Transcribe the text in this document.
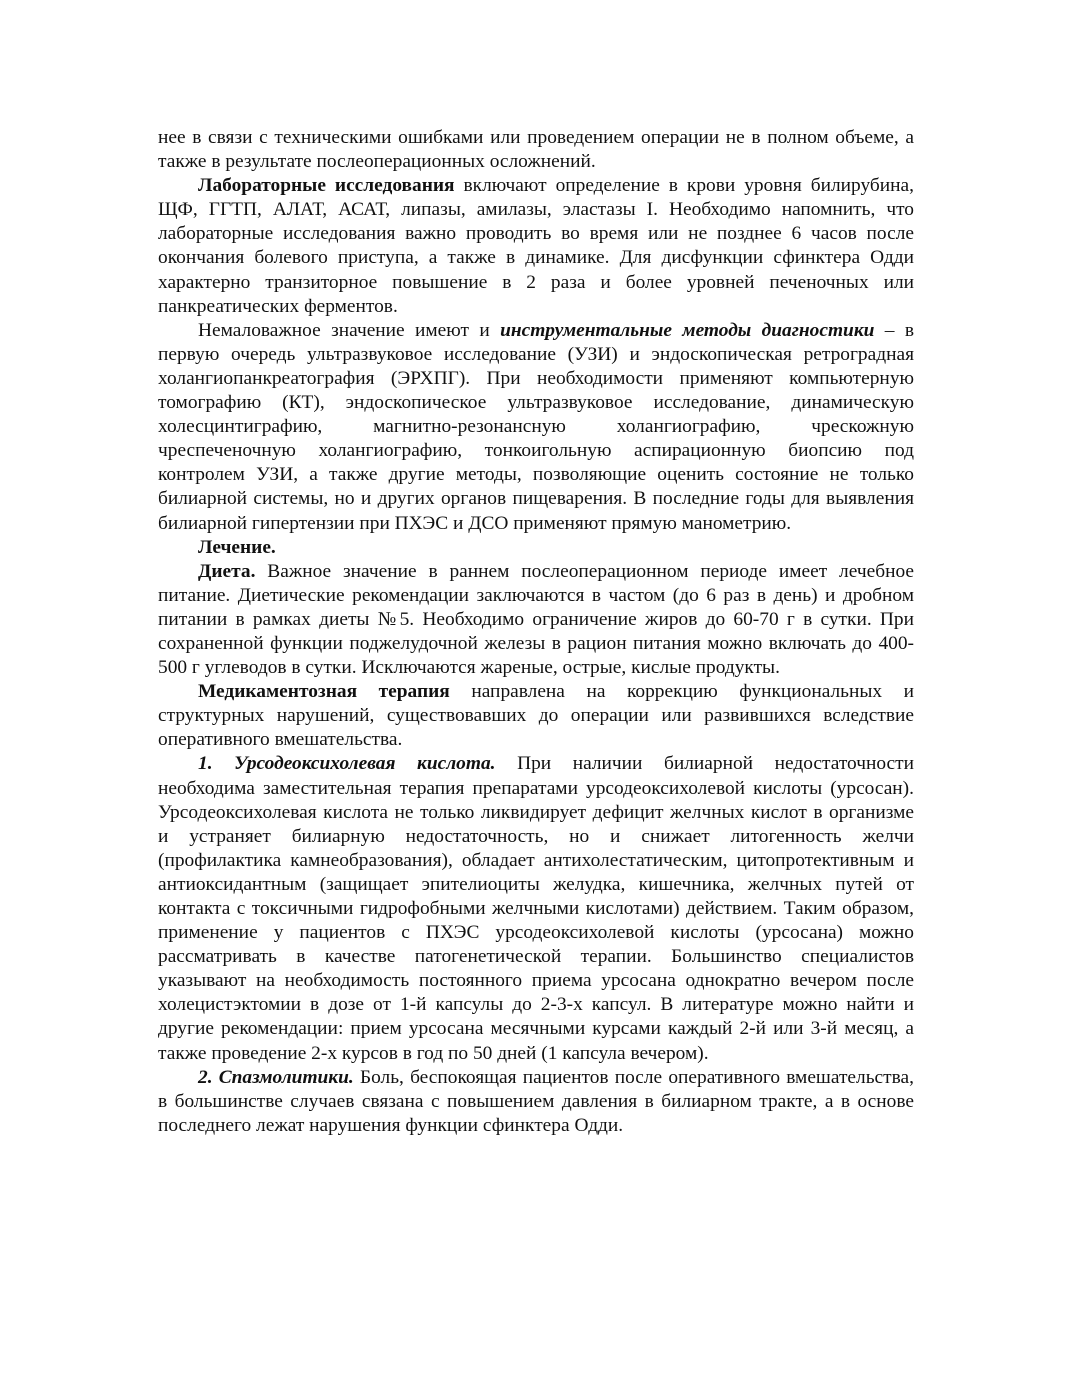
нее в связи с техническими ошибками или проведением операции не в полном объеме, а также в результате послеоперационных осложнений.

Лабораторные исследования включают определение в крови уровня билирубина, ЩФ, ГГТП, АЛАТ, АСАТ, липазы, амилазы, эластазы I. Необходимо напомнить, что лабораторные исследования важно проводить во время или не позднее 6 часов после окончания болевого приступа, а также в динамике. Для дисфункции сфинктера Одди характерно транзиторное повышение в 2 раза и более уровней печеночных или панкреатических ферментов.

Немаловажное значение имеют и инструментальные методы диагностики – в первую очередь ультразвуковое исследование (УЗИ) и эндоскопическая ретроградная холангиопанкреатография (ЭРХПГ). При необходимости применяют компьютерную томографию (КТ), эндоскопическое ультразвуковое исследование, динамическую холесцинтиграфию, магнитно-резонансную холангиографию, чрескожную чреспеченочную холангиографию, тонкоигольную аспирационную биопсию под контролем УЗИ, а также другие методы, позволяющие оценить состояние не только билиарной системы, но и других органов пищеварения. В последние годы для выявления билиарной гипертензии при ПХЭС и ДСО применяют прямую манометрию.

Лечение.

Диета. Важное значение в раннем послеоперационном периоде имеет лечебное питание. Диетические рекомендации заключаются в частом (до 6 раз в день) и дробном питании в рамках диеты №5. Необходимо ограничение жиров до 60-70 г в сутки. При сохраненной функции поджелудочной железы в рацион питания можно включать до 400-500 г углеводов в сутки. Исключаются жареные, острые, кислые продукты.

Медикаментозная терапия направлена на коррекцию функциональных и структурных нарушений, существовавших до операции или развившихся вследствие оперативного вмешательства.

1. Урсодеоксихолевая кислота. При наличии билиарной недостаточности необходима заместительная терапия препаратами урсодеоксихолевой кислоты (урсосан). Урсодеоксихолевая кислота не только ликвидирует дефицит желчных кислот в организме и устраняет билиарную недостаточность, но и снижает литогенность желчи (профилактика камнеобразования), обладает антихолестатическим, цитопротективным и антиоксидантным (защищает эпителиоциты желудка, кишечника, желчных путей от контакта с токсичными гидрофобными желчными кислотами) действием. Таким образом, применение у пациентов с ПХЭС урсодеоксихолевой кислоты (урсосана) можно рассматривать в качестве патогенетической терапии. Большинство специалистов указывают на необходимость постоянного приема урсосана однократно вечером после холецистэктомии в дозе от 1-й капсулы до 2-3-х капсул. В литературе можно найти и другие рекомендации: прием урсосана месячными курсами каждый 2-й или 3-й месяц, а также проведение 2-х курсов в год по 50 дней (1 капсула вечером).

2. Спазмолитики. Боль, беспокоящая пациентов после оперативного вмешательства, в большинстве случаев связана с повышением давления в билиарном тракте, а в основе последнего лежат нарушения функции сфинктера Одди.
